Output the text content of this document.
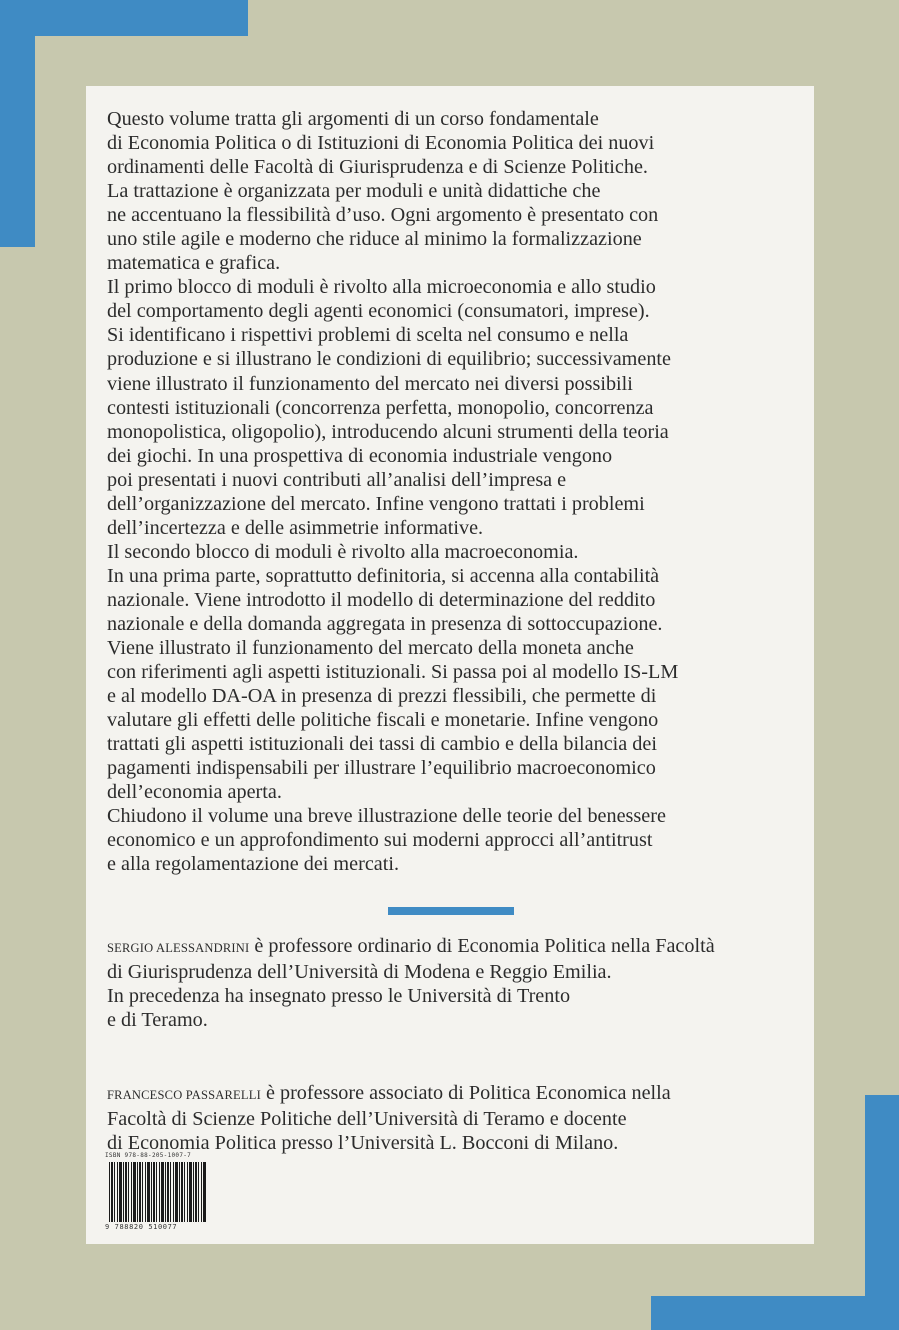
Questo volume tratta gli argomenti di un corso fondamentale
di Economia Politica o di Istituzioni di Economia Politica dei nuovi
ordinamenti delle Facoltà di Giurisprudenza e di Scienze Politiche.
La trattazione è organizzata per moduli e unità didattiche che
ne accentuano la flessibilità d’uso. Ogni argomento è presentato con
uno stile agile e moderno che riduce al minimo la formalizzazione
matematica e grafica.
Il primo blocco di moduli è rivolto alla microeconomia e allo studio
del comportamento degli agenti economici (consumatori, imprese).
Si identificano i rispettivi problemi di scelta nel consumo e nella
produzione e si illustrano le condizioni di equilibrio; successivamente
viene illustrato il funzionamento del mercato nei diversi possibili
contesti istituzionali (concorrenza perfetta, monopolio, concorrenza
monopolistica, oligopolio), introducendo alcuni strumenti della teoria
dei giochi. In una prospettiva di economia industriale vengono
poi presentati i nuovi contributi all’analisi dell’impresa e
dell’organizzazione del mercato. Infine vengono trattati i problemi
dell’incertezza e delle asimmetrie informative.
Il secondo blocco di moduli è rivolto alla macroeconomia.
In una prima parte, soprattutto definitoria, si accenna alla contabilità
nazionale. Viene introdotto il modello di determinazione del reddito
nazionale e della domanda aggregata in presenza di sottoccupazione.
Viene illustrato il funzionamento del mercato della moneta anche
con riferimenti agli aspetti istituzionali. Si passa poi al modello IS-LM
e al modello DA-OA in presenza di prezzi flessibili, che permette di
valutare gli effetti delle politiche fiscali e monetarie. Infine vengono
trattati gli aspetti istituzionali dei tassi di cambio e della bilancia dei
pagamenti indispensabili per illustrare l’equilibrio macroeconomico
dell’economia aperta.
Chiudono il volume una breve illustrazione delle teorie del benessere
economico e un approfondimento sui moderni approcci all’antitrust
e alla regolamentazione dei mercati.

SERGIO ALESSANDRINI è professore ordinario di Economia Politica nella Facoltà
di Giurisprudenza dell’Università di Modena e Reggio Emilia.
In precedenza ha insegnato presso le Università di Trento
e di Teramo.

FRANCESCO PASSARELLI è professore associato di Politica Economica nella
Facoltà di Scienze Politiche dell’Università di Teramo e docente
di Economia Politica presso l’Università L. Bocconi di Milano.

ISBN 978-88-205-1007-7
9 788820 510077
